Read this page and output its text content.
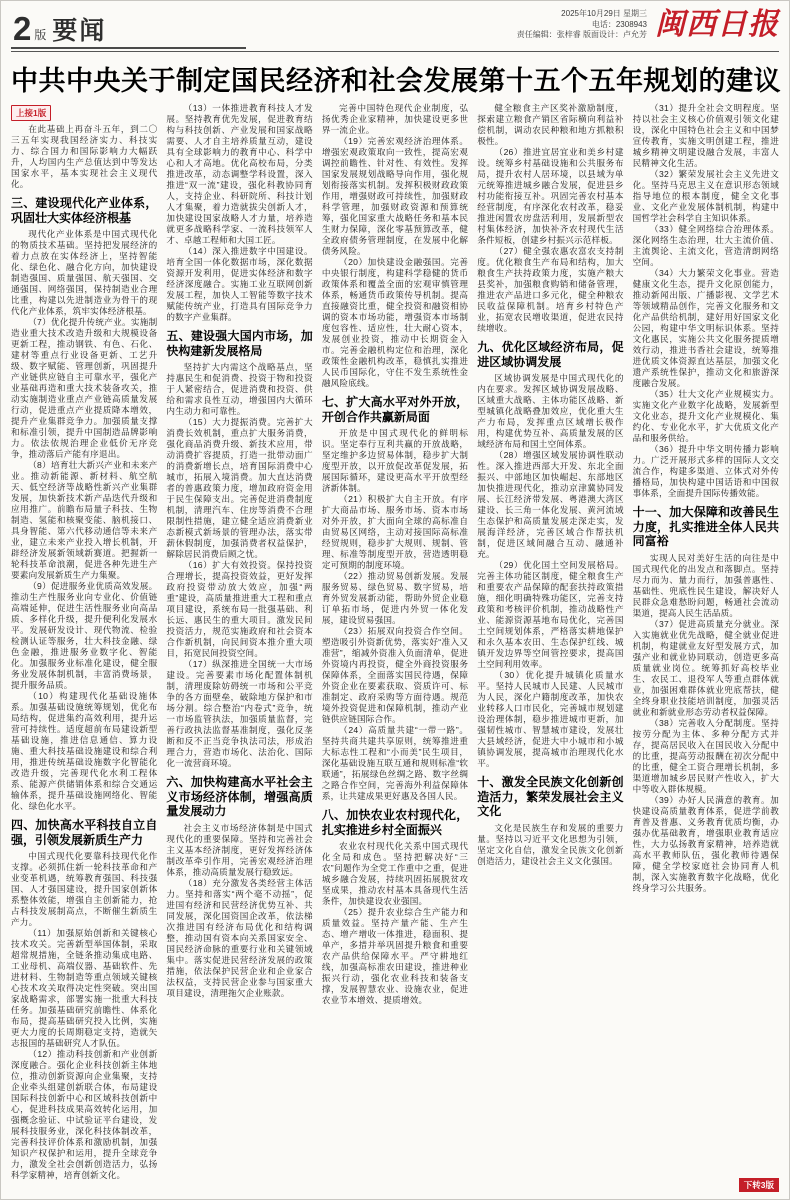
2 版 要闻
2025年10月29日 星期三
电话：2308943
责任编辑：张梓睿 版面设计：卢允芳 闽西日报
中共中央关于制定国民经济和社会发展第十五个五年规划的建议
上接1版

在此基础上再奋斗五年，到二〇三五年实现我国经济实力、科技实力、综合国力和国际影响力大幅跃升，人均国内生产总值达到中等发达国家水平，基本实现社会主义现代化。

三、建设现代化产业体系，巩固壮大实体经济根基

现代化产业体系是中国式现代化的物质技术基础。坚持把发展经济的着力点放在实体经济上，坚持智能化、绿色化、融合化方向，加快建设制造强国、质量强国、航天强国、交通强国、网络强国，保持制造业合理比重，构建以先进制造业为骨干的现代化产业体系，筑牢实体经济根基。

（7）优化提升传统产业。实施制造业重大技术改造升级和大规模设备更新工程，推动钢铁、有色、石化、建材等重点行业设备更新、工艺升级、数字赋能、管理创新，巩固提升产业链供应链自主可靠水平，强化产业基础再造和重大技术装备攻关，推动实施制造业重点产业链高质量发展行动，促进重点产业提质降本增效，提升产业集群竞争力。加强质量支撑和标准引领，提升中国制造品牌影响力。依法依规治理企业低价无序竞争，推动落后产能有序退出。

（8）培育壮大新兴产业和未来产业。推动新能源、新材料、航空航天、低空经济等战略性新兴产业集群发展，加快新技术新产品迭代升级和应用推广。前瞻布局量子科技、生物制造、氢能和核聚变能、脑机接口、具身智能、第六代移动通信等未来产业，建立未来产业投入增长机制，开辟经济发展新领域新赛道。把握新一轮科技革命浪潮，促进各种先进生产要素向发展新质生产力集聚。

（9）促进服务业优质高效发展。推动生产性服务业向专业化、价值链高端延伸，促进生活性服务业向高品质、多样化升级，提升便利化发展水平。发展研发设计、现代物流、检验检测认证等服务，壮大科技金融、绿色金融，推进服务业数字化、智能化。加强服务业标准化建设，健全服务业发展体制机制，丰富消费场景，提升服务品质。

（10）构建现代化基础设施体系。加强基础设施统筹规划，优化布局结构，促进集约高效利用，提升运营可持续性。适度超前布局建设新型基础设施，推进信息通信、算力设施、重大科技基础设施建设和综合利用，推进传统基础设施数字化智能化改造升级，完善现代化水利工程体系、能源产供储销体系和综合交通运输体系，提升基础设施网络化、智能化、绿色化水平。

四、加快高水平科技自立自强，引领发展新质生产力

中国式现代化要靠科技现代化作支撑。必须抓住新一轮科技革命和产业变革机遇，统筹教育强国、科技强国、人才强国建设，提升国家创新体系整体效能，增强自主创新能力，抢占科技发展制高点，不断催生新质生产力。

（11）加强原始创新和关键核心技术攻关。完善新型举国体制，采取超常规措施，全链条推动集成电路、工业母机、高端仪器、基础软件、先进材料、生物制造等重点领域关键核心技术攻关取得决定性突破。突出国家战略需求，部署实施一批重大科技任务。加强基础研究前瞻性、体系化布局，提高基础研究投入比例，实施更大力度的长周期稳定支持，造就矢志报国的基础研究人才队伍。

（12）推动科技创新和产业创新深度融合。强化企业科技创新主体地位，推动创新资源向企业集聚，支持企业牵头组建创新联合体，布局建设国际科技创新中心和区域科技创新中心，促进科技成果高效转化运用，加强概念验证、中试验证平台建设，发展科技服务业，深化科技体制改革，完善科技评价体系和激励机制，加强知识产权保护和运用，提升全球竞争力，激发全社会创新创造活力，弘扬科学家精神，培育创新文化。

（13）一体推进教育科技人才发展。坚持教育优先发展，促进教育结构与科技创新、产业发展和国家战略需要、人才自主培养质量互动，建设具有全球影响力的教育中心、科学中心和人才高地。优化高校布局，分类推进改革，动态调整学科设置，深入推进“双一流”建设，强化科教协同育人，支持企业、科研院所、科技计划人才集聚，着力造就拔尖创新人才，加快建设国家战略人才力量，培养造就更多战略科学家、一流科技领军人才、卓越工程师和大国工匠。

（14）深入推进数字中国建设。培育全国一体化数据市场，深化数据资源开发利用，促进实体经济和数字经济深度融合。实施工业互联网创新发展工程，加快人工智能等数字技术赋能传统产业，打造具有国际竞争力的数字产业集群。

五、建设强大国内市场，加快构建新发展格局

坚持扩大内需这个战略基点，坚持惠民生和促消费、投资于物和投资于人紧密结合，促进消费和投资、供给和需求良性互动，增强国内大循环内生动力和可靠性。

（15）大力提振消费。完善扩大消费长效机制，重点扩大服务消费，强化商品消费升级、新技术应用，带动消费扩容提质，打造一批带动面广的消费新增长点，培育国际消费中心城市，拓展入境消费。加大直达消费者的普惠政策力度，增加政府资金用于民生保障支出。完善促进消费制度机制，清理汽车、住房等消费不合理限制性措施，建立健全适应消费新业态新模式新场景的管理办法，落实带薪休假制度，加强消费者权益保护，解除居民消费后顾之忧。

（16）扩大有效投资。保持投资合理增长，提高投资效益，更好发挥政府投资带动放大效应，加强“两重”建设，高质量推进重大工程和重点项目建设，系统布局一批强基础、利长远、惠民生的重大项目。激发民间投资活力，规范实施政府和社会资本合作新机制，向民间资本推介重大项目，拓宽民间投资空间。

（17）纵深推进全国统一大市场建设。完善要素市场化配置体制机制，清理废除妨碍统一市场和公平竞争的各方面壁垒，破除地方保护和市场分割。综合整治“内卷式”竞争，统一市场监管执法，加强质量监督，完善行政执法监督基准制度，强化反垄断和反不正当竞争执法司法，形成治理合力，营造市场化、法治化、国际化一流营商环境。

六、加快构建高水平社会主义市场经济体制，增强高质量发展动力

社会主义市场经济体制是中国式现代化的重要保障。坚持和完善社会主义基本经济制度，更好发挥经济体制改革牵引作用，完善宏观经济治理体系，推动高质量发展行稳致远。

（18）充分激发各类经营主体活力。坚持和落实“两个毫不动摇”，促进国有经济和民营经济优势互补、共同发展，深化国资国企改革，依法梯次推进国有经济布局优化和结构调整，推动国有资本向关系国家安全、国民经济命脉的重要行业和关键领域集中。落实促进民营经济发展的政策措施，依法保护民营企业和企业家合法权益，支持民营企业参与国家重大项目建设，清理拖欠企业账款。

完善中国特色现代企业制度，弘扬优秀企业家精神，加快建设更多世界一流企业。

（19）完善宏观经济治理体系。增强宏观政策取向一致性，提高宏观调控前瞻性、针对性、有效性。发挥国家发展规划战略导向作用，强化规划衔接落实机制。发挥积极财政政策作用，增强财政可持续性，加强财政科学管理，加强财政资源和预算统筹，强化国家重大战略任务和基本民生财力保障，深化零基预算改革，健全政府债务管理制度，在发展中化解债务风险。

（20）加快建设金融强国。完善中央银行制度，构建科学稳健的货币政策体系和覆盖全面的宏观审慎管理体系，畅通货币政策传导机制。提高直接融资比重，健全投资和融资相协调的资本市场功能，增强资本市场制度包容性、适应性，壮大耐心资本，发展创业投资，推动中长期资金入市。完善金融机构定位和治理，深化政策性金融机构改革，稳慎扎实推进人民币国际化，守住不发生系统性金融风险底线。

七、扩大高水平对外开放，开创合作共赢新局面

开放是中国式现代化的鲜明标识。坚定奉行互利共赢的开放战略，坚定维护多边贸易体制，稳步扩大制度型开放，以开放促改革促发展，拓展国际循环，建设更高水平开放型经济新体制。

（21）积极扩大自主开放。有序扩大商品市场、服务市场、资本市场对外开放，扩大面向全球的高标准自由贸易区网络，主动对接国际高标准经贸规则，稳步扩大规则、规制、管理、标准等制度型开放，营造透明稳定可预期的制度环境。

（22）推动贸易创新发展。发展服务贸易、绿色贸易、数字贸易，培育外贸发展新动能，帮助外贸企业稳订单拓市场，促进内外贸一体化发展，建设贸易强国。

（23）拓展双向投资合作空间。塑造吸引外资新优势，落实好“准入又准营”，缩减外资准入负面清单，促进外资境内再投资，健全外商投资服务保障体系，全面落实国民待遇，保障外资企业在要素获取、资质许可、标准制定、政府采购等方面待遇。规范境外投资促进和保障机制，推动产业链供应链国际合作。

（24）高质量共建“一带一路”。坚持共商共建共享原则，统筹推进重大标志性工程和“小而美”民生项目，深化基础设施互联互通和规则标准“软联通”，拓展绿色丝绸之路、数字丝绸之路合作空间，完善海外利益保障体系，让共建成果更好惠及各国人民。

八、加快农业农村现代化，扎实推进乡村全面振兴

农业农村现代化关系中国式现代化全局和成色。坚持把解决好“三农”问题作为全党工作重中之重，促进城乡融合发展，持续巩固拓展脱贫攻坚成果，推动农村基本具备现代生活条件，加快建设农业强国。

（25）提升农业综合生产能力和质量效益。坚持产量产能、生产生态、增产增收一体推进，稳面积、提单产，多措并举巩固提升粮食和重要农产品供给保障水平。严守耕地红线，加强高标准农田建设，推进种业振兴行动，强化农业科技和装备支撑，发展智慧农业、设施农业，促进农业节本增效、提质增效。

健全粮食主产区奖补激励制度，探索建立粮食产销区省际横向利益补偿机制，调动农民种粮和地方抓粮积极性。

（26）推进宜居宜业和美乡村建设。统筹乡村基础设施和公共服务布局，提升农村人居环境，以县域为单元统筹推进城乡融合发展，促进县乡村功能衔接互补。巩固完善农村基本经营制度，有序深化农村改革，稳妥推进闲置农房盘活利用，发展新型农村集体经济，加快补齐农村现代生活条件短板，创建乡村振兴示范样板。

（27）健全强农惠农富农支持制度。优化粮食生产布局和结构，加大粮食生产扶持政策力度，实施产粮大县奖补，加强粮食购销和储备管理，推进农产品进口多元化，健全种粮农民收益保障机制。培育乡村特色产业，拓宽农民增收渠道，促进农民持续增收。

九、优化区域经济布局，促进区域协调发展

区域协调发展是中国式现代化的内在要求。发挥区域协调发展战略、区域重大战略、主体功能区战略、新型城镇化战略叠加效应，优化重大生产力布局，发挥重点区域增长极作用，构建优势互补、高质量发展的区域经济布局和国土空间体系。

（28）增强区域发展协调性联动性。深入推进西部大开发、东北全面振兴、中部地区加快崛起、东部地区加快推进现代化，推动京津冀协同发展、长江经济带发展、粤港澳大湾区建设、长三角一体化发展、黄河流域生态保护和高质量发展走深走实，发展海洋经济，完善区域合作帮扶机制，促进区域间融合互动、融通补充。

（29）优化国土空间发展格局。完善主体功能区制度，健全粮食生产和重要农产品保障的配套扶持政策措施，细化明确特殊功能区，完善支持政策和考核评价机制，推动战略性产业、能源资源基地布局优化，完善国土空间规划体系，严格落实耕地保护和永久基本农田、生态保护红线、城镇开发边界等空间管控要求，提高国土空间利用效率。

（30）优化提升城镇化质量水平。坚持人民城市人民建、人民城市为人民，深化户籍制度改革，加快农业转移人口市民化，完善城市规划建设治理体制，稳步推进城市更新，加强韧性城市、智慧城市建设，发展壮大县域经济，促进大中小城市和小城镇协调发展，提高城市治理现代化水平。

十、激发全民族文化创新创造活力，繁荣发展社会主义文化

文化是民族生存和发展的重要力量。坚持以习近平文化思想为引领，坚定文化自信，激发全民族文化创新创造活力，建设社会主义文化强国。

（31）提升全社会文明程度。坚持以社会主义核心价值观引领文化建设，深化中国特色社会主义和中国梦宣传教育，实施文明创建工程，推进城乡精神文明建设融合发展，丰富人民精神文化生活。

（32）繁荣发展社会主义先进文化。坚持马克思主义在意识形态领域指导地位的根本制度，健全文化事业、文化产业发展体制机制，构建中国哲学社会科学自主知识体系。

（33）健全网络综合治理体系。深化网络生态治理，壮大主流价值、主流舆论、主流文化，营造清朗网络空间。

（34）大力繁荣文化事业。营造健康文化生态，提升文化原创能力，推动新闻出版、广播影视、文学艺术等领域精品创作，完善文化服务和文化产品供给机制，建好用好国家文化公园，构建中华文明标识体系。坚持文化惠民，实施公共文化服务提质增效行动，推进书香社会建设，统筹推进优质文体资源直达基层，加强文化遗产系统性保护，推动文化和旅游深度融合发展。

（35）壮大文化产业规模实力。实施文化产业数字化战略，发展新型文化业态，提升文化产业规模化、集约化、专业化水平，扩大优质文化产品和服务供给。

（36）提升中华文明传播力影响力。广泛开展形式多样的国际人文交流合作，构建多渠道、立体式对外传播格局，加快构建中国话语和中国叙事体系，全面提升国际传播效能。

十一、加大保障和改善民生力度，扎实推进全体人民共同富裕

实现人民对美好生活的向往是中国式现代化的出发点和落脚点。坚持尽力而为、量力而行，加强普惠性、基础性、兜底性民生建设，解决好人民群众急难愁盼问题，畅通社会流动渠道，提高人民生活品质。

（37）促进高质量充分就业。深入实施就业优先战略，健全就业促进机制，构建就业友好型发展方式，加强产业和就业协同联动，创造更多高质量就业岗位。统筹抓好高校毕业生、农民工、退役军人等重点群体就业，加强困难群体就业兜底帮扶，健全终身职业技能培训制度，加强灵活就业和新就业形态劳动者权益保障。

（38）完善收入分配制度。坚持按劳分配为主体、多种分配方式并存，提高居民收入在国民收入分配中的比重，提高劳动报酬在初次分配中的比重，健全工资合理增长机制，多渠道增加城乡居民财产性收入，扩大中等收入群体规模。

（39）办好人民满意的教育。加快建设高质量教育体系，促进学前教育普及普惠、义务教育优质均衡，办强办优基础教育，增强职业教育适应性，大力弘扬教育家精神，培养造就高水平教师队伍，强化教师待遇保障，健全学校家庭社会协同育人机制，深入实施教育数字化战略，优化终身学习公共服务。

下转3版
